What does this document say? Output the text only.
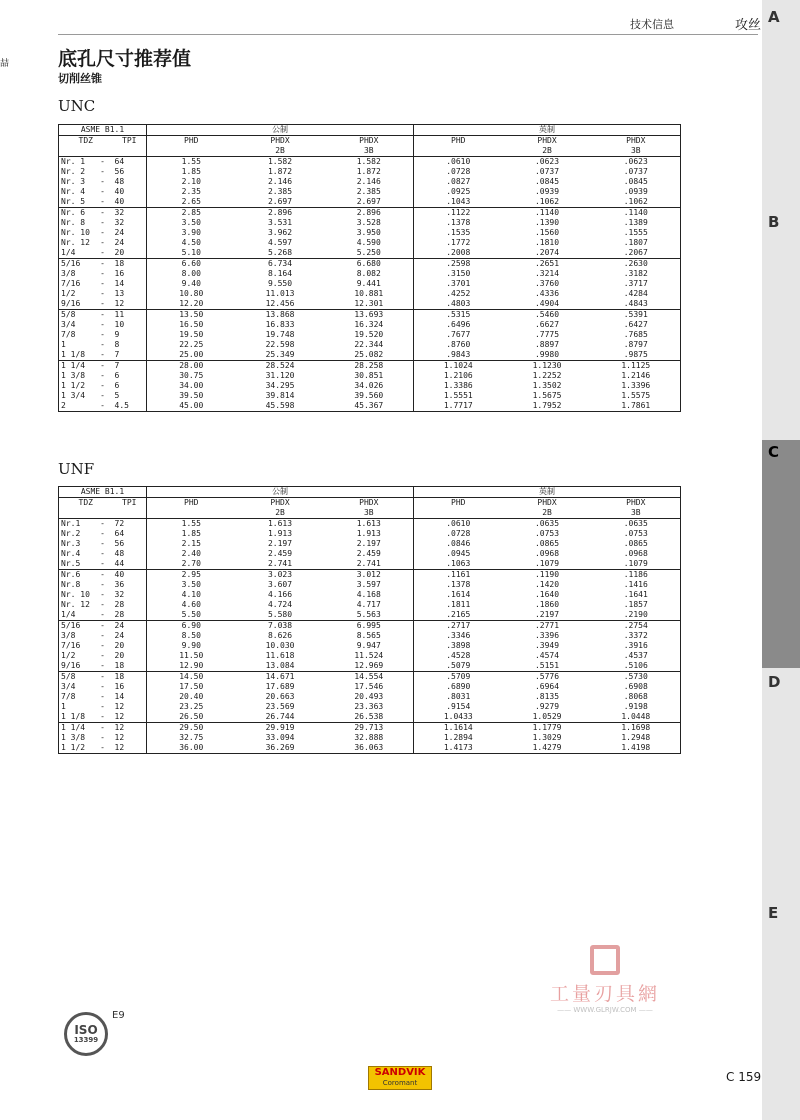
A
B
C
D
E
喆
技术信息	攻丝
底孔尺寸推荐值
切削丝锥
UNC
ASME B1.1			公制			英制		
TDZ		TPI	PHD	PHDX	PHDX	PHD	PHDX	PHDX
				2B	3B		2B	3B
Nr. 1	-	64	1.55	1.582	1.582	.0610	.0623	.0623
Nr. 2	-	56	1.85	1.872	1.872	.0728	.0737	.0737
Nr. 3	-	48	2.10	2.146	2.146	.0827	.0845	.0845
Nr. 4	-	40	2.35	2.385	2.385	.0925	.0939	.0939
Nr. 5	-	40	2.65	2.697	2.697	.1043	.1062	.1062
Nr. 6	-	32	2.85	2.896	2.896	.1122	.1140	.1140
Nr. 8	-	32	3.50	3.531	3.528	.1378	.1390	.1389
Nr. 10	-	24	3.90	3.962	3.950	.1535	.1560	.1555
Nr. 12	-	24	4.50	4.597	4.590	.1772	.1810	.1807
1/4	-	20	5.10	5.268	5.250	.2008	.2074	.2067
5/16	-	18	6.60	6.734	6.680	.2598	.2651	.2630
3/8	-	16	8.00	8.164	8.082	.3150	.3214	.3182
7/16	-	14	9.40	9.550	9.441	.3701	.3760	.3717
1/2	-	13	10.80	11.013	10.881	.4252	.4336	.4284
9/16	-	12	12.20	12.456	12.301	.4803	.4904	.4843
5/8	-	11	13.50	13.868	13.693	.5315	.5460	.5391
3/4	-	10	16.50	16.833	16.324	.6496	.6627	.6427
7/8	-	9	19.50	19.748	19.520	.7677	.7775	.7685
1	-	8	22.25	22.598	22.344	.8760	.8897	.8797
1 1/8	-	7	25.00	25.349	25.082	.9843	.9980	.9875
1 1/4	-	7	28.00	28.524	28.258	1.1024	1.1230	1.1125
1 3/8	-	6	30.75	31.120	30.851	1.2106	1.2252	1.2146
1 1/2	-	6	34.00	34.295	34.026	1.3386	1.3502	1.3396
1 3/4	-	5	39.50	39.814	39.560	1.5551	1.5675	1.5575
2	-	4.5	45.00	45.598	45.367	1.7717	1.7952	1.7861
UNF
ASME B1.1			公制			英制		
TDZ		TPI	PHD	PHDX	PHDX	PHD	PHDX	PHDX
				2B	3B		2B	3B
Nr.1	-	72	1.55	1.613	1.613	.0610	.0635	.0635
Nr.2	-	64	1.85	1.913	1.913	.0728	.0753	.0753
Nr.3	-	56	2.15	2.197	2.197	.0846	.0865	.0865
Nr.4	-	48	2.40	2.459	2.459	.0945	.0968	.0968
Nr.5	-	44	2.70	2.741	2.741	.1063	.1079	.1079
Nr.6	-	40	2.95	3.023	3.012	.1161	.1190	.1186
Nr.8	-	36	3.50	3.607	3.597	.1378	.1420	.1416
Nr. 10	-	32	4.10	4.166	4.168	.1614	.1640	.1641
Nr. 12	-	28	4.60	4.724	4.717	.1811	.1860	.1857
1/4	-	28	5.50	5.580	5.563	.2165	.2197	.2190
5/16	-	24	6.90	7.038	6.995	.2717	.2771	.2754
3/8	-	24	8.50	8.626	8.565	.3346	.3396	.3372
7/16	-	20	9.90	10.030	9.947	.3898	.3949	.3916
1/2	-	20	11.50	11.618	11.524	.4528	.4574	.4537
9/16	-	18	12.90	13.084	12.969	.5079	.5151	.5106
5/8	-	18	14.50	14.671	14.554	.5709	.5776	.5730
3/4	-	16	17.50	17.689	17.546	.6890	.6964	.6908
7/8	-	14	20.40	20.663	20.493	.8031	.8135	.8068
1	-	12	23.25	23.569	23.363	.9154	.9279	.9198
1 1/8	-	12	26.50	26.744	26.538	1.0433	1.0529	1.0448
1 1/4	-	12	29.50	29.919	29.713	1.1614	1.1779	1.1698
1 3/8	-	12	32.75	33.094	32.888	1.2894	1.3029	1.2948
1 1/2	-	12	36.00	36.269	36.063	1.4173	1.4279	1.4198
工量刃具網
—— WWW.GLRJW.COM ——
ISO
13399
E9
SANDVIK
Coromant	C 159
